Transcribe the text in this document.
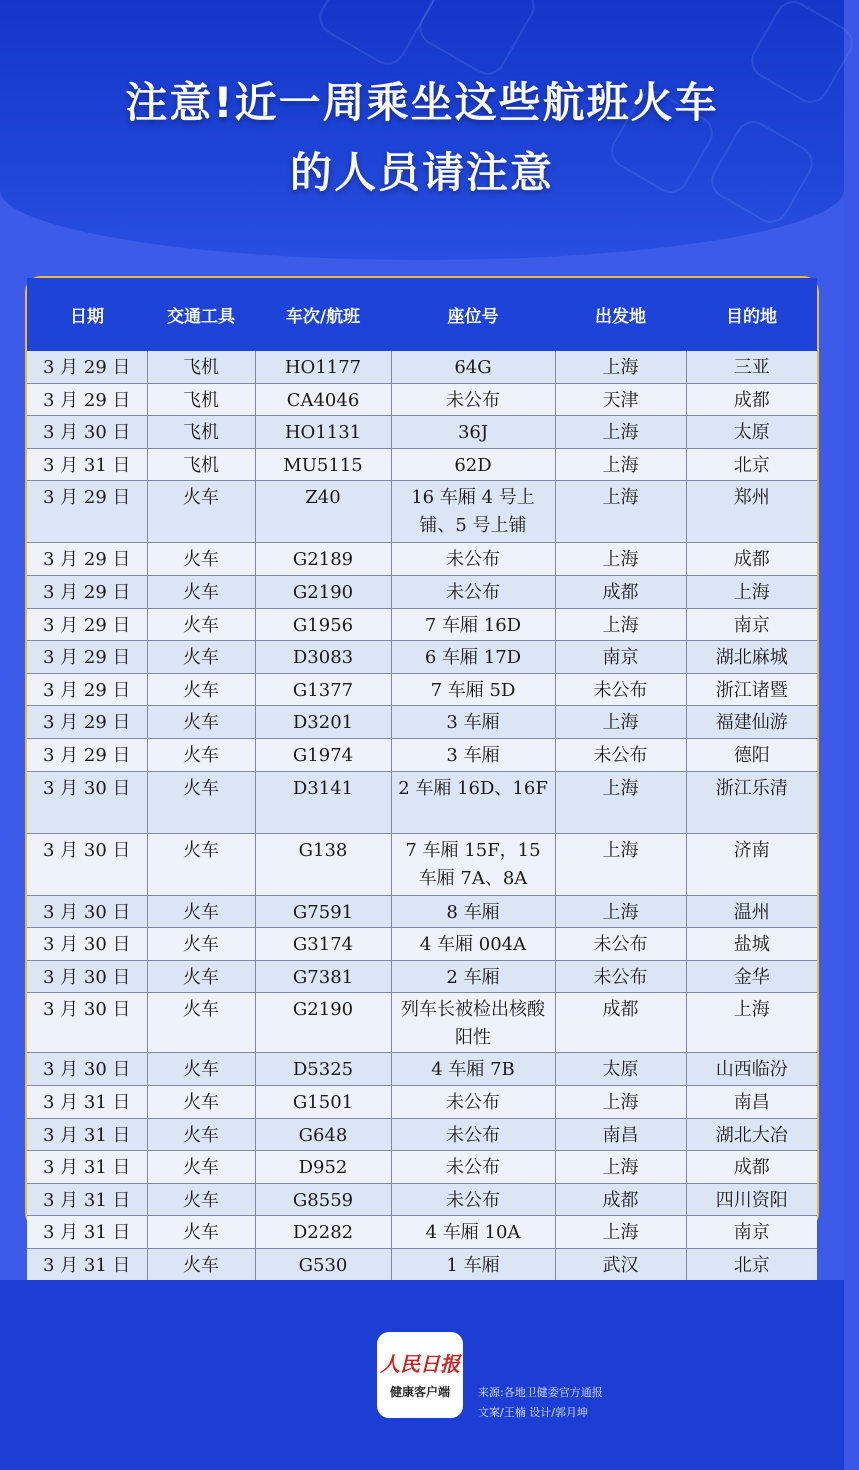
注意!近一周乘坐这些航班火车
的人员请注意
日期	交通工具	车次/航班	座位号	出发地	目的地
3 月 29 日	飞机	HO1177	64G	上海	三亚
3 月 29 日	飞机	CA4046	未公布	天津	成都
3 月 30 日	飞机	HO1131	36J	上海	太原
3 月 31 日	飞机	MU5115	62D	上海	北京
3 月 29 日	火车	Z40	16 车厢 4 号上铺、5 号上铺	上海	郑州
3 月 29 日	火车	G2189	未公布	上海	成都
3 月 29 日	火车	G2190	未公布	成都	上海
3 月 29 日	火车	G1956	7 车厢 16D	上海	南京
3 月 29 日	火车	D3083	6 车厢 17D	南京	湖北麻城
3 月 29 日	火车	G1377	7 车厢 5D	未公布	浙江诸暨
3 月 29 日	火车	D3201	3 车厢	上海	福建仙游
3 月 29 日	火车	G1974	3 车厢	未公布	德阳
3 月 30 日	火车	D3141	2 车厢 16D、16F	上海	浙江乐清
3 月 30 日	火车	G138	7 车厢 15F，15 车厢 7A、8A	上海	济南
3 月 30 日	火车	G7591	8 车厢	上海	温州
3 月 30 日	火车	G3174	4 车厢 004A	未公布	盐城
3 月 30 日	火车	G7381	2 车厢	未公布	金华
3 月 30 日	火车	G2190	列车长被检出核酸阳性	成都	上海
3 月 30 日	火车	D5325	4 车厢 7B	太原	山西临汾
3 月 31 日	火车	G1501	未公布	上海	南昌
3 月 31 日	火车	G648	未公布	南昌	湖北大冶
3 月 31 日	火车	D952	未公布	上海	成都
3 月 31 日	火车	G8559	未公布	成都	四川资阳
3 月 31 日	火车	D2282	4 车厢 10A	上海	南京
3 月 31 日	火车	G530	1 车厢	武汉	北京
人民日报
健康客户端	来源:各地卫健委官方通报
文案/王楠 设计/郭月坤
